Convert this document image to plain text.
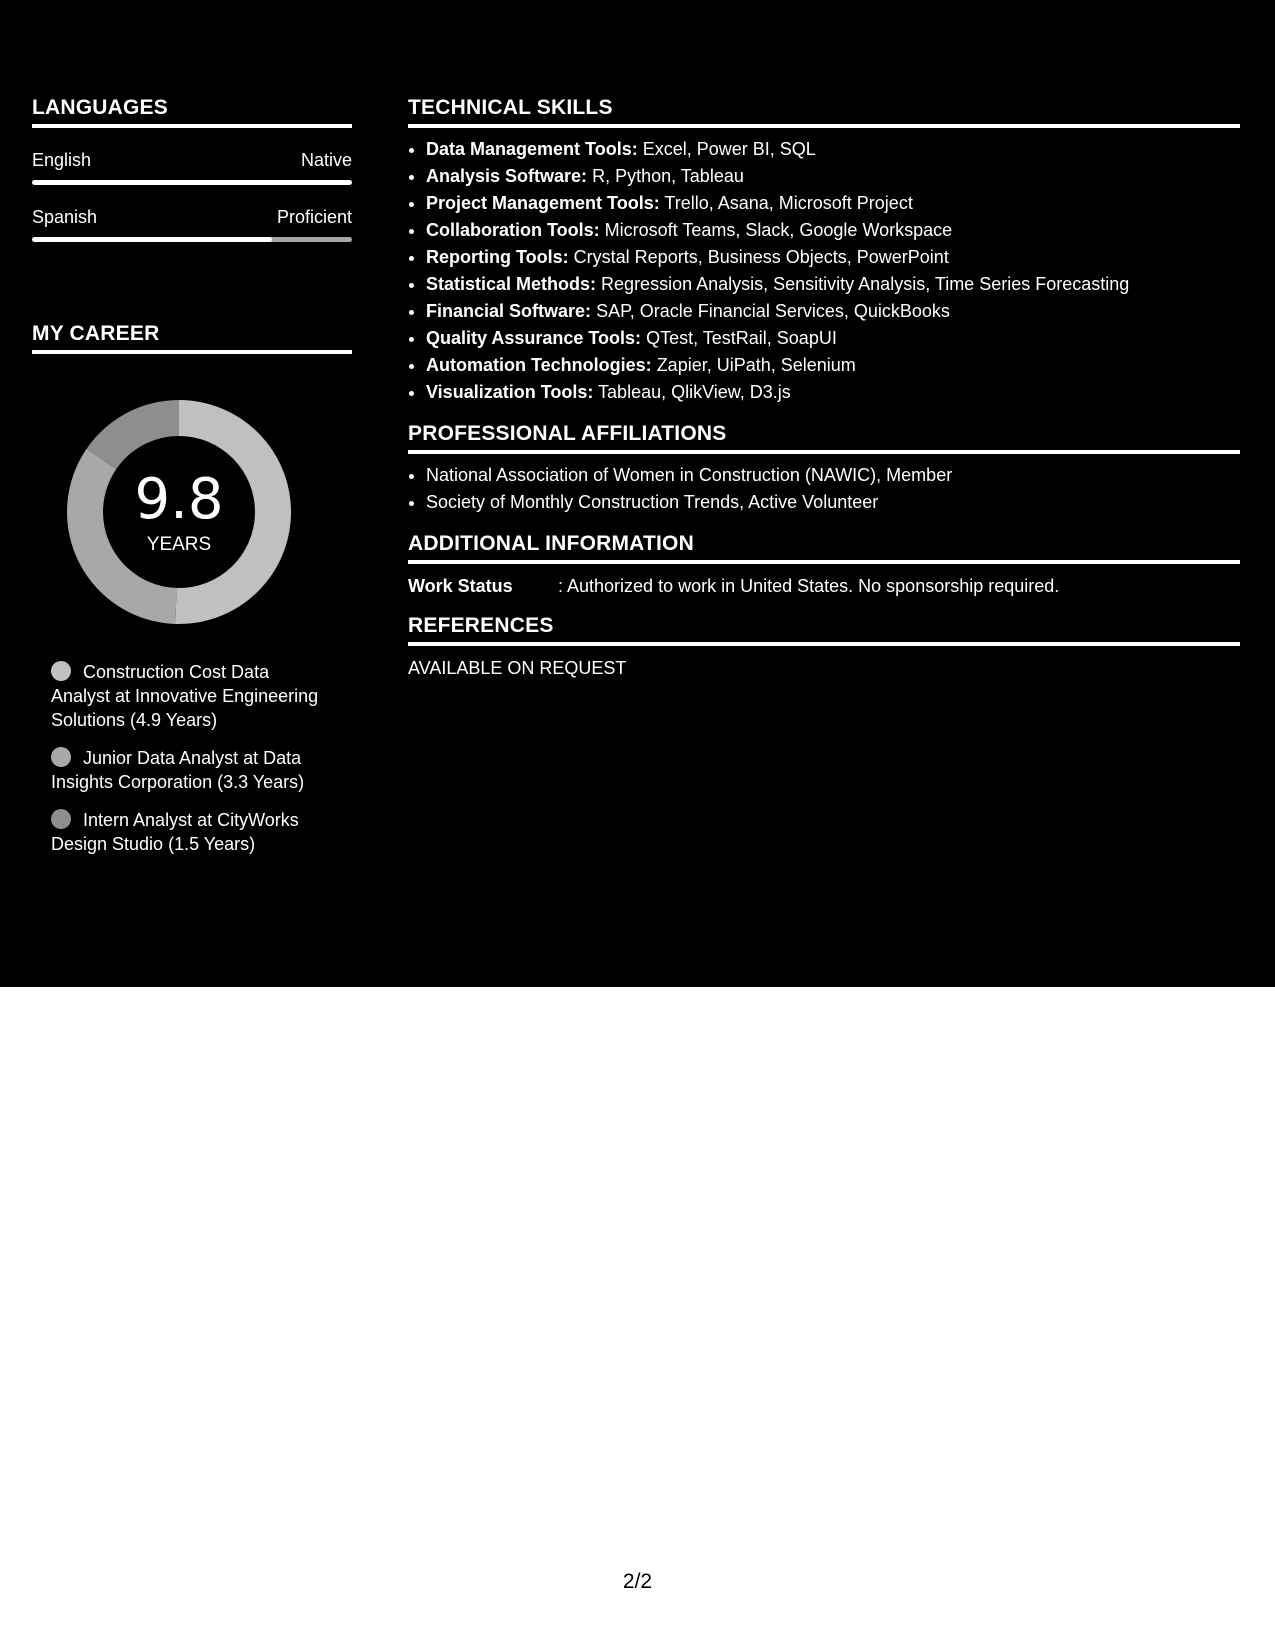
LANGUAGES
English	Native
Spanish	Proficient
MY CAREER
9.8
YEARS
Construction Cost Data Analyst at Innovative Engineering Solutions (4.9 Years)
Junior Data Analyst at Data Insights Corporation (3.3 Years)
Intern Analyst at CityWorks Design Studio (1.5 Years)
TECHNICAL SKILLS
• Data Management Tools: Excel, Power BI, SQL
• Analysis Software: R, Python, Tableau
• Project Management Tools: Trello, Asana, Microsoft Project
• Collaboration Tools: Microsoft Teams, Slack, Google Workspace
• Reporting Tools: Crystal Reports, Business Objects, PowerPoint
• Statistical Methods: Regression Analysis, Sensitivity Analysis, Time Series Forecasting
• Financial Software: SAP, Oracle Financial Services, QuickBooks
• Quality Assurance Tools: QTest, TestRail, SoapUI
• Automation Technologies: Zapier, UiPath, Selenium
• Visualization Tools: Tableau, QlikView, D3.js
PROFESSIONAL AFFILIATIONS
• National Association of Women in Construction (NAWIC), Member
• Society of Monthly Construction Trends, Active Volunteer
ADDITIONAL INFORMATION
Work Status	: Authorized to work in United States. No sponsorship required.
REFERENCES
AVAILABLE ON REQUEST
2/2
